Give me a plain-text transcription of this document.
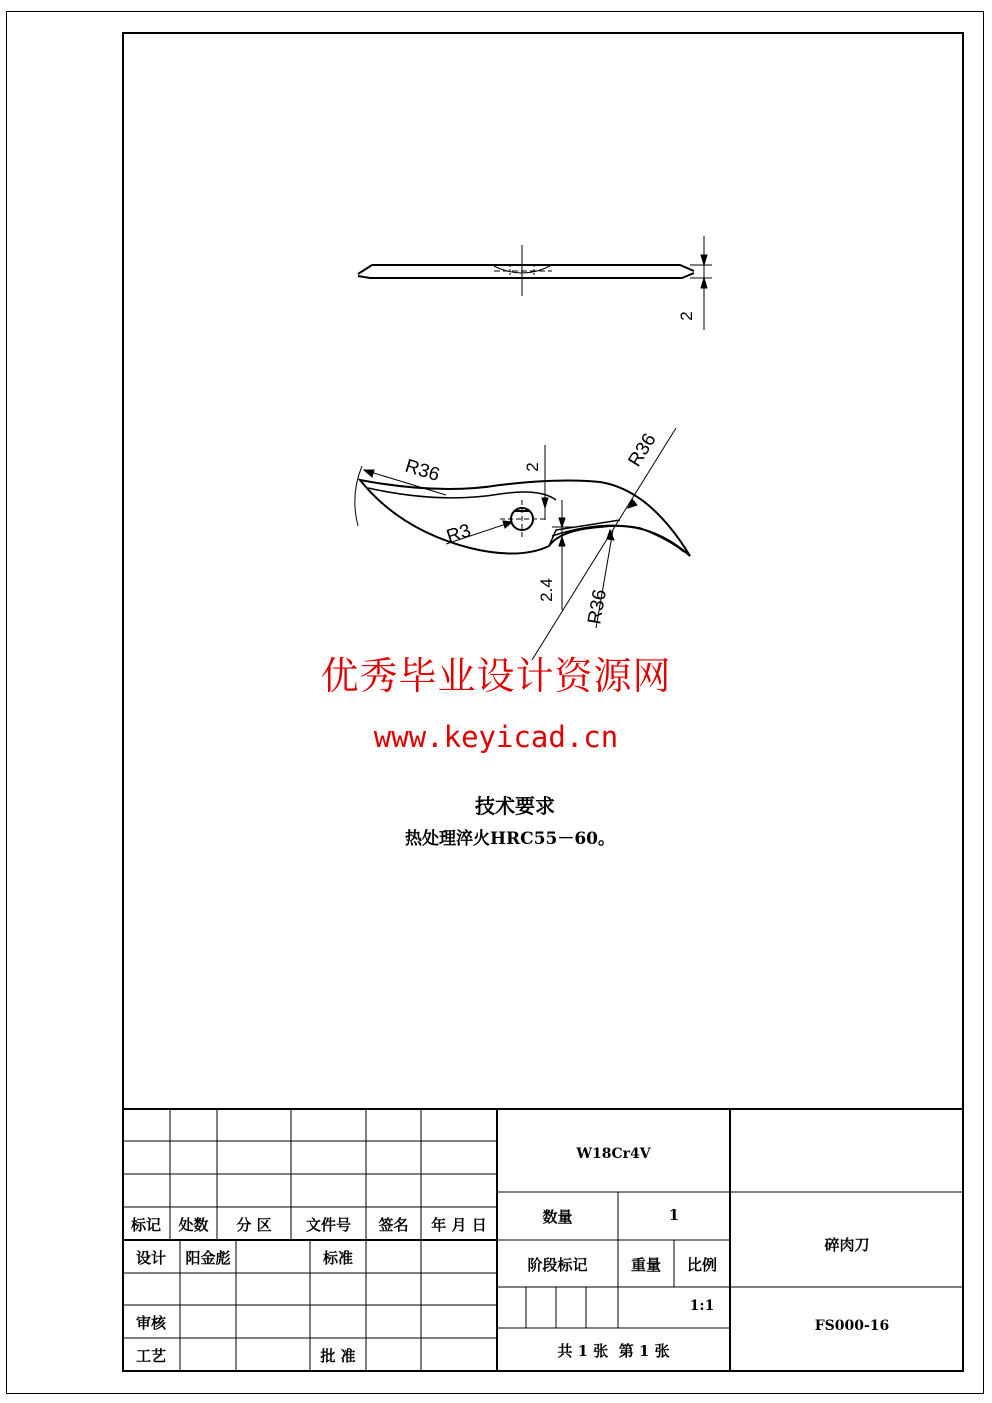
2
R36
R3
2	R36
2.4 R36
优秀毕业设计资源网
www.keyicad.cn
技术要求
热处理淬火HRC55－60。
W18Cr4V
标记	处数	分 区	文件号	签名	年 月 日
设计	阳金彪	标准
审核
工艺	批 准
数量	1
阶段标记	重量	比例
1:1
共 1 张  第 1 张
碎肉刀
FS000-16
